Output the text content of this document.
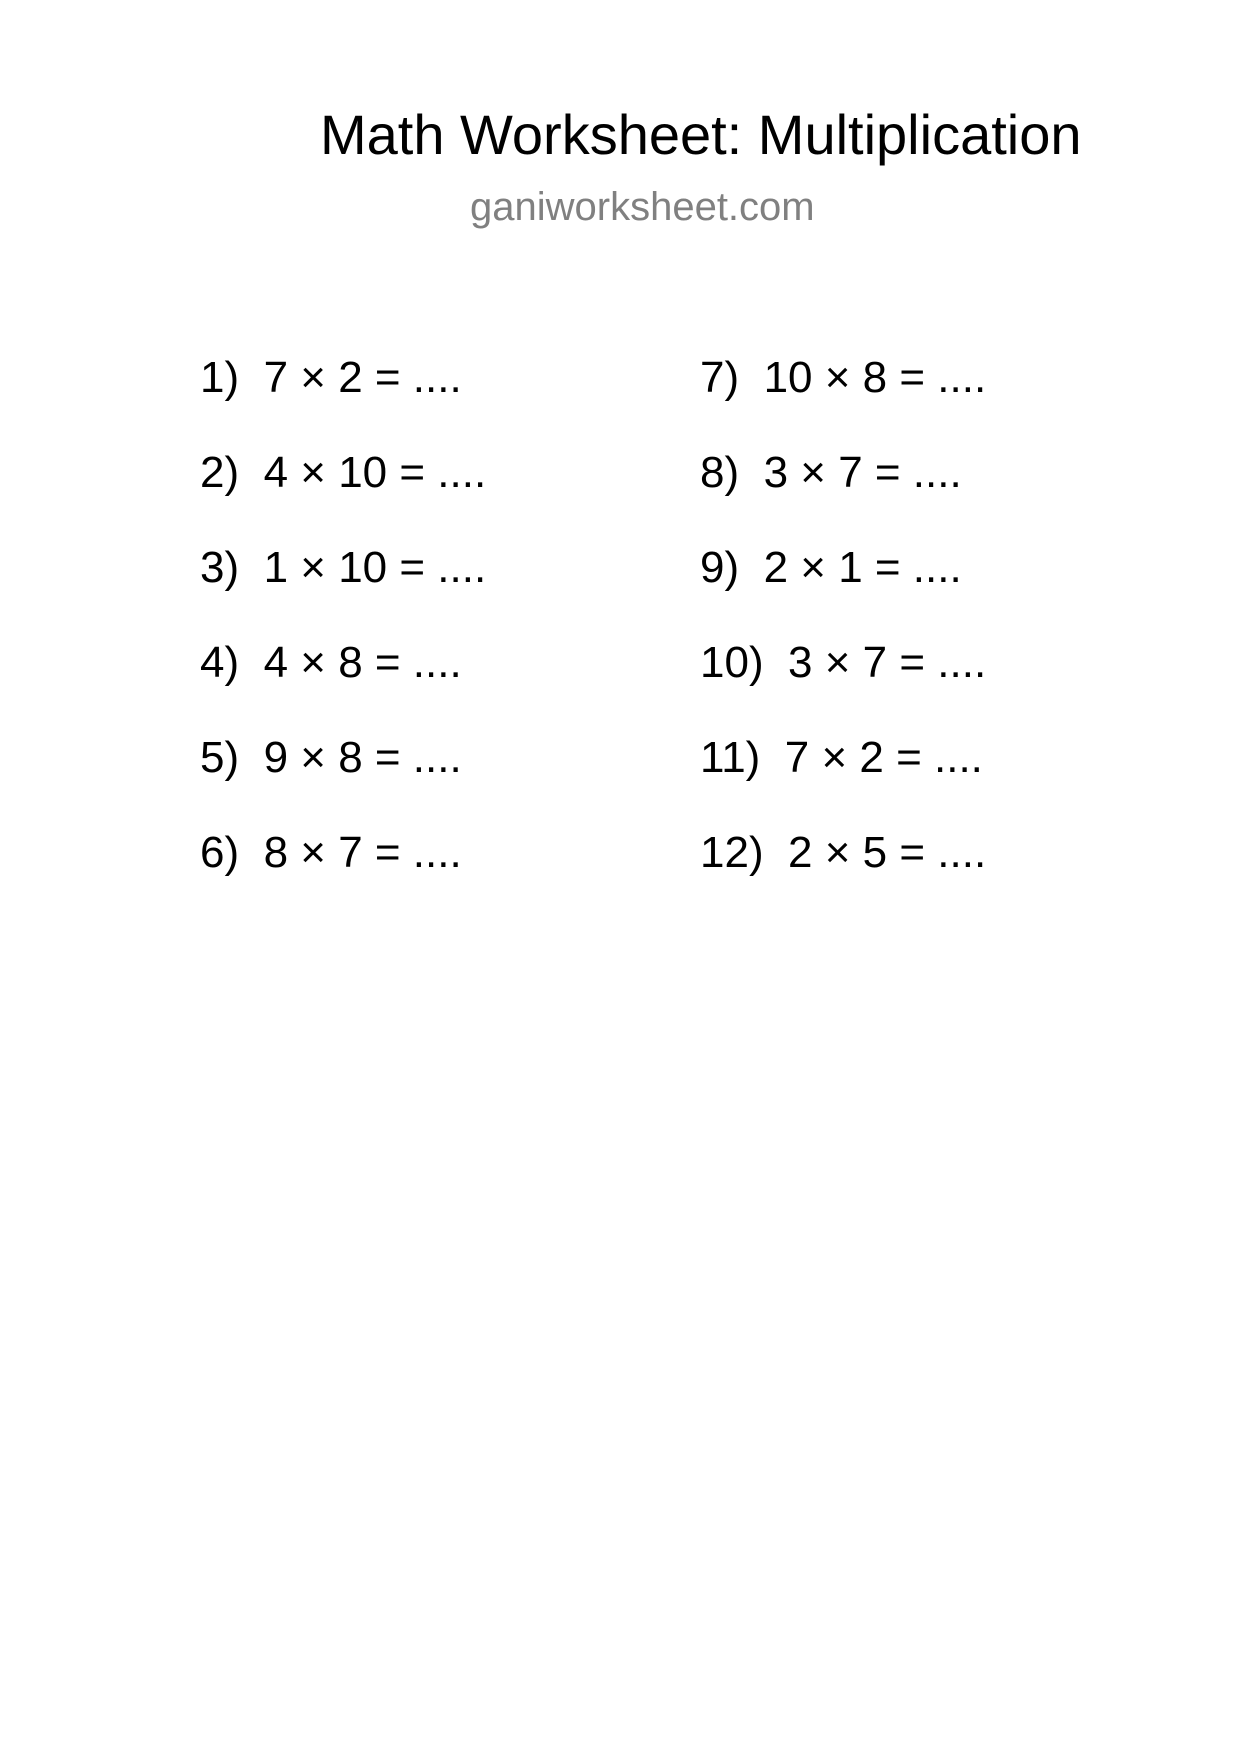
Math Worksheet: Multiplication
ganiworksheet.com
1) 7 × 2 = ....
2) 4 × 10 = ....
3) 1 × 10 = ....
4) 4 × 8 = ....
5) 9 × 8 = ....
6) 8 × 7 = ....
7) 10 × 8 = ....
8) 3 × 7 = ....
9) 2 × 1 = ....
10) 3 × 7 = ....
11) 7 × 2 = ....
12) 2 × 5 = ....
